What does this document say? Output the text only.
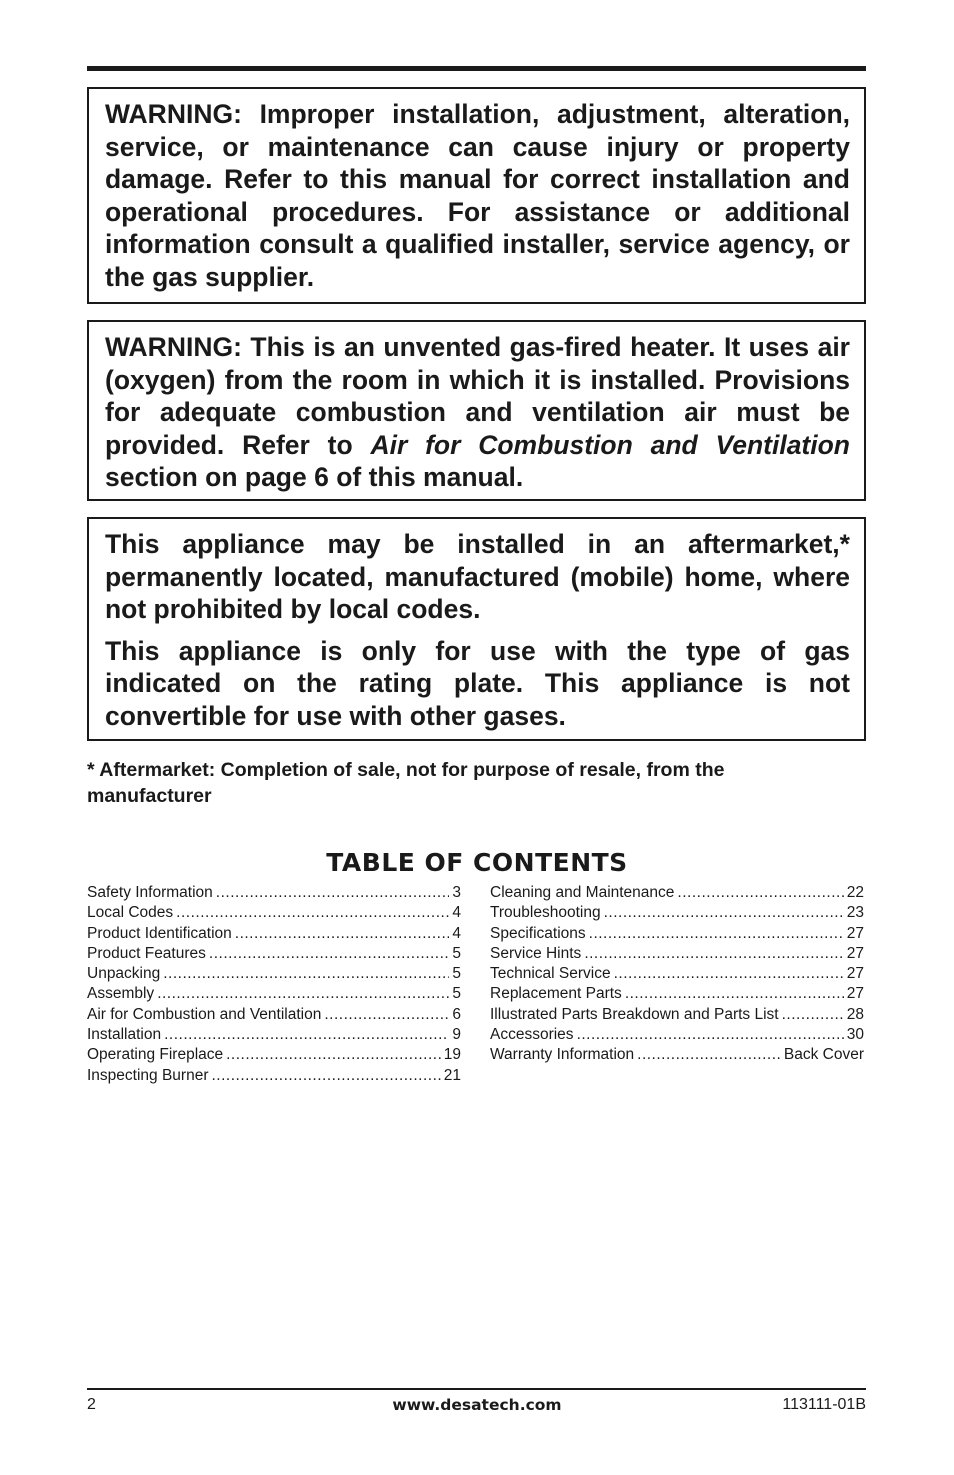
WARNING: Improper installation, adjustment, alteration, service, or maintenance can cause injury or property damage. Refer to this manual for correct installation and operational procedures. For assistance or additional information consult a qualified installer, service agency, or the gas supplier.

WARNING: This is an unvented gas-fired heater. It uses air (oxygen) from the room in which it is installed. Provisions for adequate combustion and ventilation air must be provided. Refer to Air for Combustion and Ventilation section on page 6 of this manual.

This appliance may be installed in an aftermarket,* permanently located, manufactured (mobile) home, where not prohibited by local codes.

This appliance is only for use with the type of gas indicated on the rating plate. This appliance is not convertible for use with other gases.

* Aftermarket: Completion of sale, not for purpose of resale, from the manufacturer
TABLE OF CONTENTS
Safety Information .....	3
Local Codes .....	4
Product Identification .....	4
Product Features .....	5
Unpacking .....	5
Assembly .....	5
Air for Combustion and Ventilation .....	6
Installation .....	9
Operating Fireplace .....	19
Inspecting Burner .....	21
Cleaning and Maintenance .....	22
Troubleshooting .....	23
Specifications .....	27
Service Hints .....	27
Technical Service .....	27
Replacement Parts .....	27
Illustrated Parts Breakdown and Parts List .....	28
Accessories .....	30
Warranty Information .....	Back Cover
2	www.desatech.com	113111-01B
